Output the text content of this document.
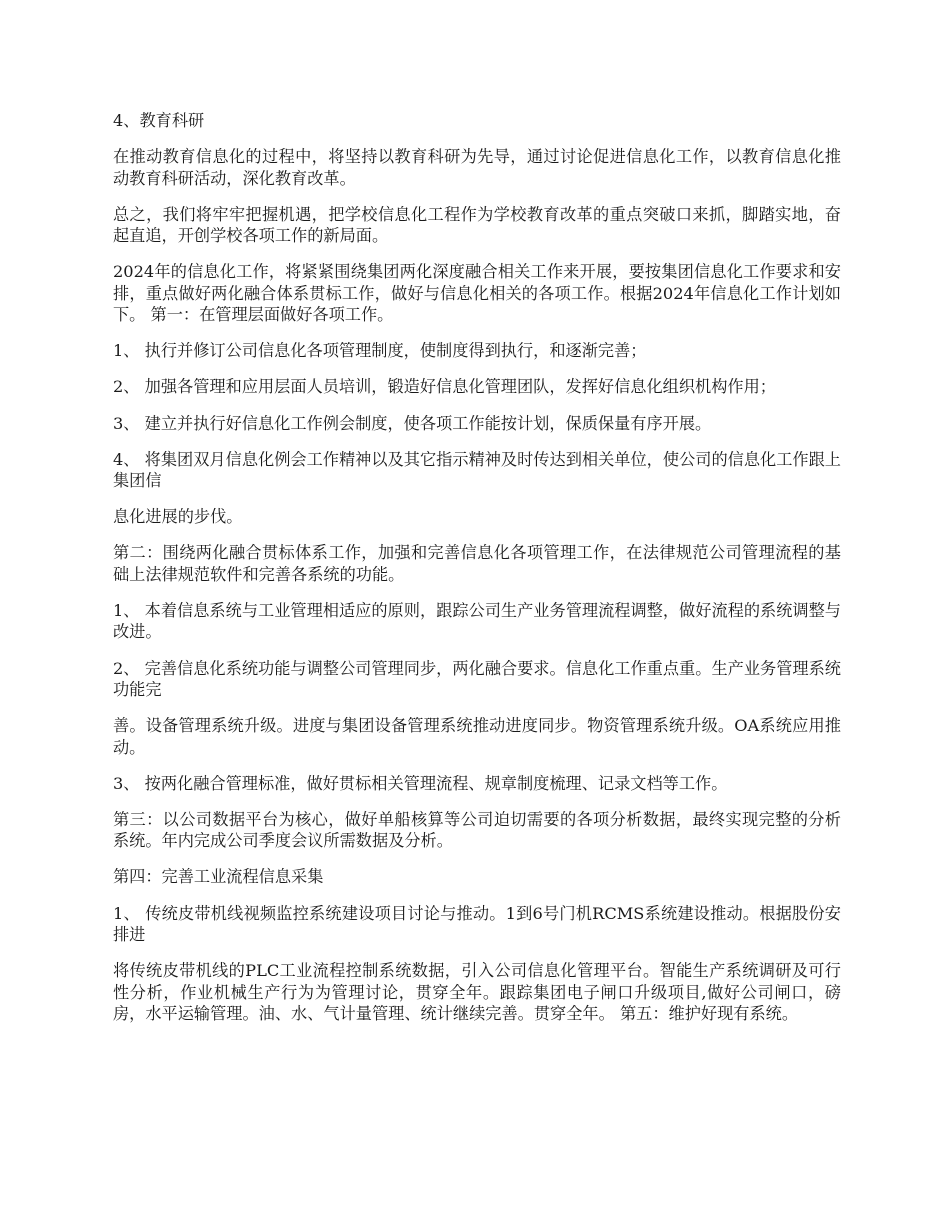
4、教育科研

在推动教育信息化的过程中，将坚持以教育科研为先导，通过讨论促进信息化工作，以教育信息化推动教育科研活动，深化教育改革。

总之，我们将牢牢把握机遇，把学校信息化工程作为学校教育改革的重点突破口来抓，脚踏实地，奋起直追，开创学校各项工作的新局面。

2024年的信息化工作，将紧紧围绕集团两化深度融合相关工作来开展，要按集团信息化工作要求和安排，重点做好两化融合体系贯标工作，做好与信息化相关的各项工作。根据2024年信息化工作计划如下。 第一：在管理层面做好各项工作。

1、 执行并修订公司信息化各项管理制度，使制度得到执行，和逐渐完善；

2、 加强各管理和应用层面人员培训，锻造好信息化管理团队，发挥好信息化组织机构作用；

3、 建立并执行好信息化工作例会制度，使各项工作能按计划，保质保量有序开展。

4、 将集团双月信息化例会工作精神以及其它指示精神及时传达到相关单位，使公司的信息化工作跟上集团信

息化进展的步伐。

第二：围绕两化融合贯标体系工作，加强和完善信息化各项管理工作，在法律规范公司管理流程的基础上法律规范软件和完善各系统的功能。

1、 本着信息系统与工业管理相适应的原则，跟踪公司生产业务管理流程调整，做好流程的系统调整与改进。

2、 完善信息化系统功能与调整公司管理同步，两化融合要求。信息化工作重点重。生产业务管理系统功能完

善。设备管理系统升级。进度与集团设备管理系统推动进度同步。物资管理系统升级。OA系统应用推动。

3、 按两化融合管理标准，做好贯标相关管理流程、规章制度梳理、记录文档等工作。

第三：以公司数据平台为核心，做好单船核算等公司迫切需要的各项分析数据，最终实现完整的分析系统。年内完成公司季度会议所需数据及分析。

第四：完善工业流程信息采集

1、 传统皮带机线视频监控系统建设项目讨论与推动。1到6号门机RCMS系统建设推动。根据股份安排进

将传统皮带机线的PLC工业流程控制系统数据，引入公司信息化管理平台。智能生产系统调研及可行性分析，作业机械生产行为为管理讨论，贯穿全年。跟踪集团电子闸口升级项目,做好公司闸口，磅房，水平运输管理。油、水、气计量管理、统计继续完善。贯穿全年。 第五：维护好现有系统。
